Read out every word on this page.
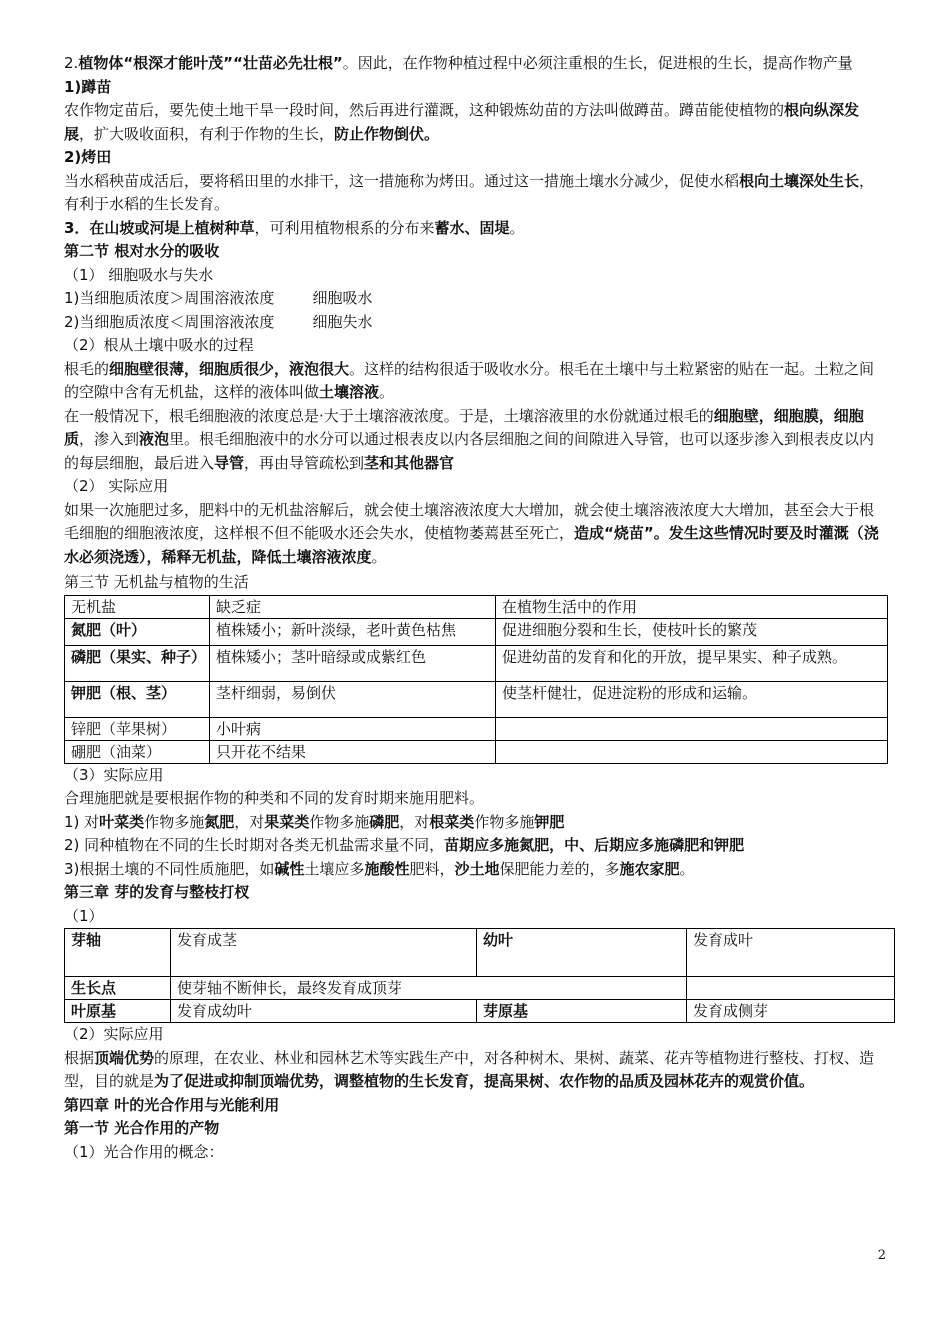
2.植物体“根深才能叶茂”“壮苗必先壮根”。因此，在作物种植过程中必须注重根的生长，促进根的生长，提高作物产量

1)蹲苗

农作物定苗后，要先使土地干旱一段时间，然后再进行灌溉，这种锻炼幼苗的方法叫做蹲苗。蹲苗能使植物的根向纵深发展，扩大吸收面积，有利于作物的生长，防止作物倒伏。

2)烤田

当水稻秧苗成活后，要将稻田里的水排干，这一措施称为烤田。通过这一措施土壤水分减少，促使水稻根向土壤深处生长，有利于水稻的生长发育。

3．在山坡或河堤上植树种草，可利用植物根系的分布来蓄水、固堤。

第二节 根对水分的吸收

（1） 细胞吸水与失水

1)当细胞质浓度＞周围溶液浓度        细胞吸水

2)当细胞质浓度＜周围溶液浓度        细胞失水

（2）根从土壤中吸水的过程

根毛的细胞壁很薄，细胞质很少，液泡很大。这样的结构很适于吸收水分。根毛在土壤中与土粒紧密的贴在一起。土粒之间的空隙中含有无机盐，这样的液体叫做土壤溶液。

在一般情况下，根毛细胞液的浓度总是·大于土壤溶液浓度。于是，土壤溶液里的水份就通过根毛的细胞壁，细胞膜，细胞质，渗入到液泡里。根毛细胞液中的水分可以通过根表皮以内各层细胞之间的间隙进入导管，也可以逐步渗入到根表皮以内的每层细胞，最后进入导管，再由导管疏松到茎和其他器官

（2） 实际应用

如果一次施肥过多，肥料中的无机盐溶解后，就会使土壤溶液浓度大大增加，就会使土壤溶液浓度大大增加，甚至会大于根毛细胞的细胞液浓度，这样根不但不能吸水还会失水，使植物萎蔫甚至死亡，造成“烧苗”。发生这些情况时要及时灌溉（浇水必须浇透），稀释无机盐，降低土壤溶液浓度。

第三节 无机盐与植物的生活

无机盐	缺乏症	在植物生活中的作用
氮肥（叶）	植株矮小；新叶淡绿，老叶黄色枯焦	促进细胞分裂和生长，使枝叶长的繁茂
磷肥（果实、种子）	植株矮小；茎叶暗绿或成紫红色	促进幼苗的发育和化的开放，提早果实、种子成熟。
钾肥（根、茎）	茎杆细弱，易倒伏	使茎杆健壮，促进淀粉的形成和运输。
锌肥（苹果树）	小叶病	
硼肥（油菜）	只开花不结果	

（3）实际应用

合理施肥就是要根据作物的种类和不同的发育时期来施用肥料。

1) 对叶菜类作物多施氮肥，对果菜类作物多施磷肥，对根菜类作物多施钾肥

2) 同种植物在不同的生长时期对各类无机盐需求量不同，苗期应多施氮肥，中、后期应多施磷肥和钾肥

3)根据土壤的不同性质施肥，如碱性土壤应多施酸性肥料，沙土地保肥能力差的，多施农家肥。

第三章 芽的发育与整枝打杈

（1）

芽轴	发育成茎	幼叶	发育成叶
生长点	使芽轴不断伸长，最终发育成顶芽		
叶原基	发育成幼叶	芽原基	发育成侧芽

（2）实际应用

根据顶端优势的原理，在农业、林业和园林艺术等实践生产中，对各种树木、果树、蔬菜、花卉等植物进行整枝、打杈、造型，目的就是为了促进或抑制顶端优势，调整植物的生长发育，提高果树、农作物的品质及园林花卉的观赏价值。

第四章 叶的光合作用与光能利用

第一节 光合作用的产物

（1）光合作用的概念：

2
